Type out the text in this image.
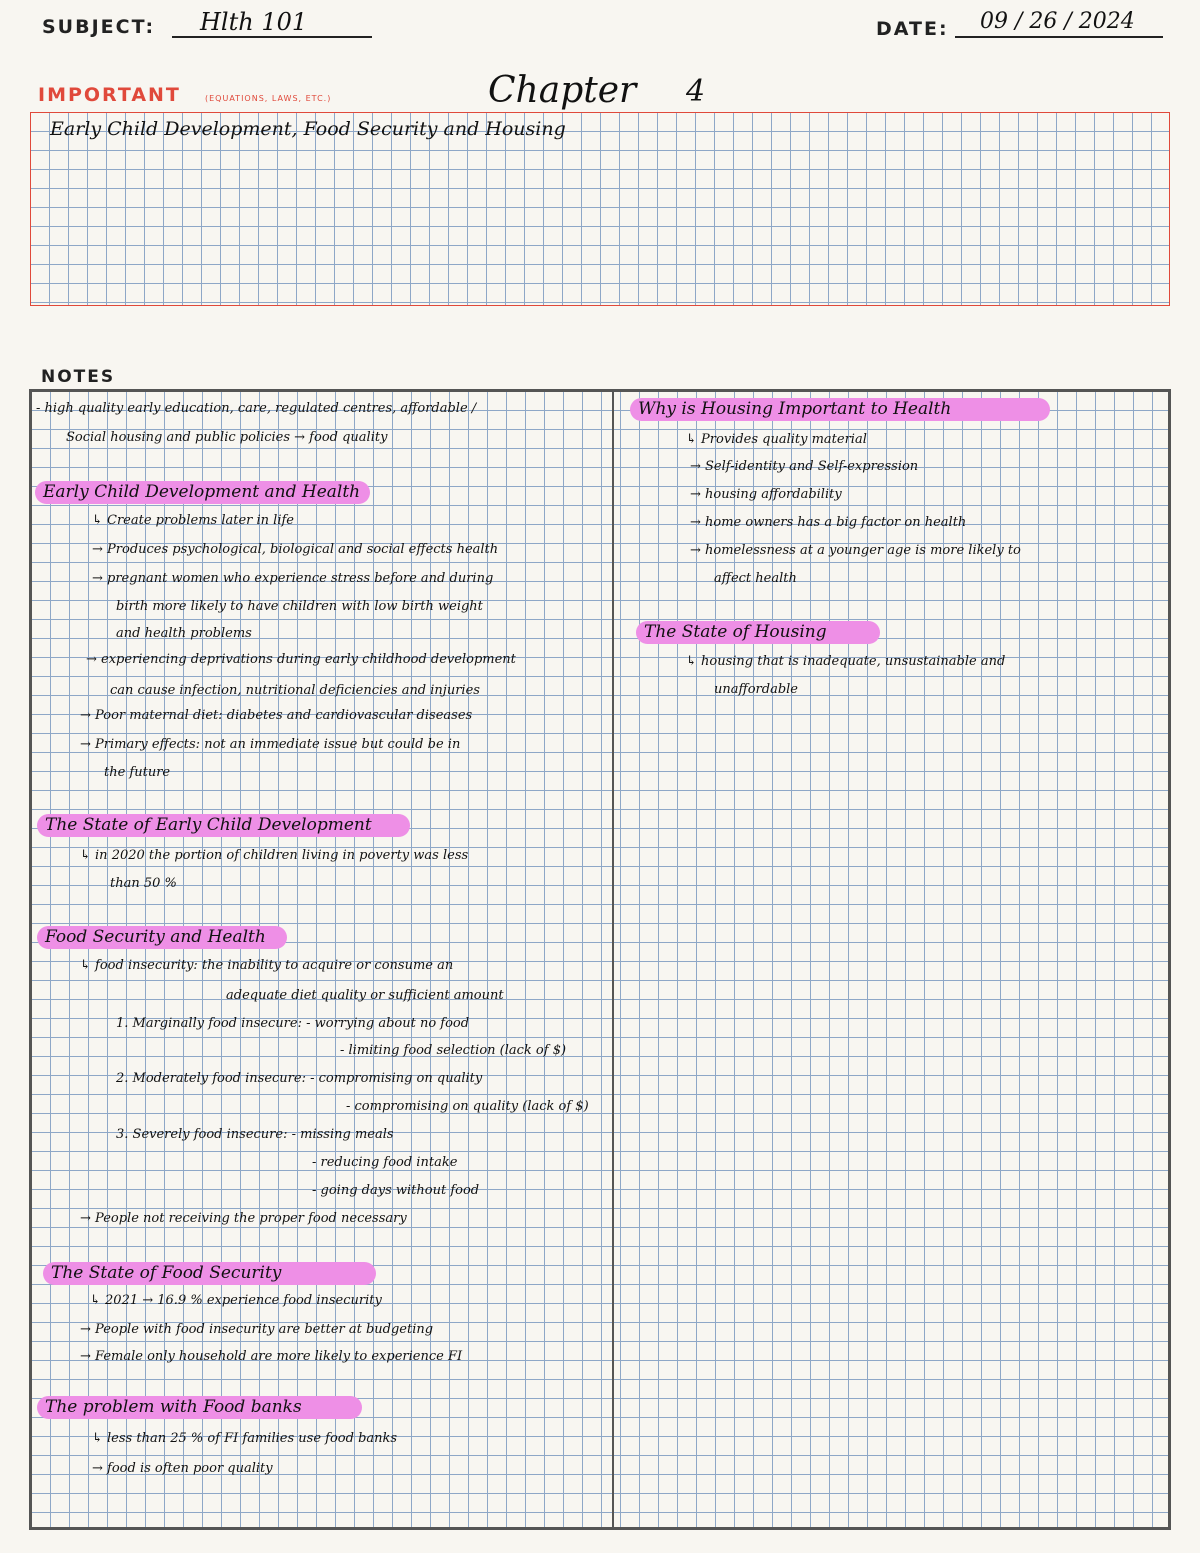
SUBJECT: Hlth 101	DATE: 09 / 26 / 2024
IMPORTANT	(EQUATIONS, LAWS, ETC.)	Chapter 4
Early Child Development, Food Security and Housing
NOTES
- high quality early education, care, regulated centres, affordable /
Social housing and public policies → food quality
Early Child Development and Health
↳ Create problems later in life
→ Produces psychological, biological and social effects health
→ pregnant women who experience stress before and during
birth more likely to have children with low birth weight
and health problems
→ experiencing deprivations during early childhood development
can cause infection, nutritional deficiencies and injuries
→ Poor maternal diet: diabetes and cardiovascular diseases
→ Primary effects: not an immediate issue but could be in
the future
The State of Early Child Development
↳ in 2020 the portion of children living in poverty was less
than 50 %
Food Security and Health
↳ food insecurity: the inability to acquire or consume an
adequate diet quality or sufficient amount
1. Marginally food insecure: - worrying about no food
- limiting food selection (lack of $)
2. Moderately food insecure: - compromising on quality
- compromising on quality (lack of $)
3. Severely food insecure: - missing meals
- reducing food intake
- going days without food
→ People not receiving the proper food necessary
The State of Food Security
↳ 2021 → 16.9 % experience food insecurity
→ People with food insecurity are better at budgeting
→ Female only household are more likely to experience FI
The problem with Food banks
↳ less than 25 % of FI families use food banks
→ food is often poor quality
Why is Housing Important to Health
↳ Provides quality material
→ Self-identity and Self-expression
→ housing affordability
→ home owners has a big factor on health
→ homelessness at a younger age is more likely to
affect health
The State of Housing
↳ housing that is inadequate, unsustainable and
unaffordable
